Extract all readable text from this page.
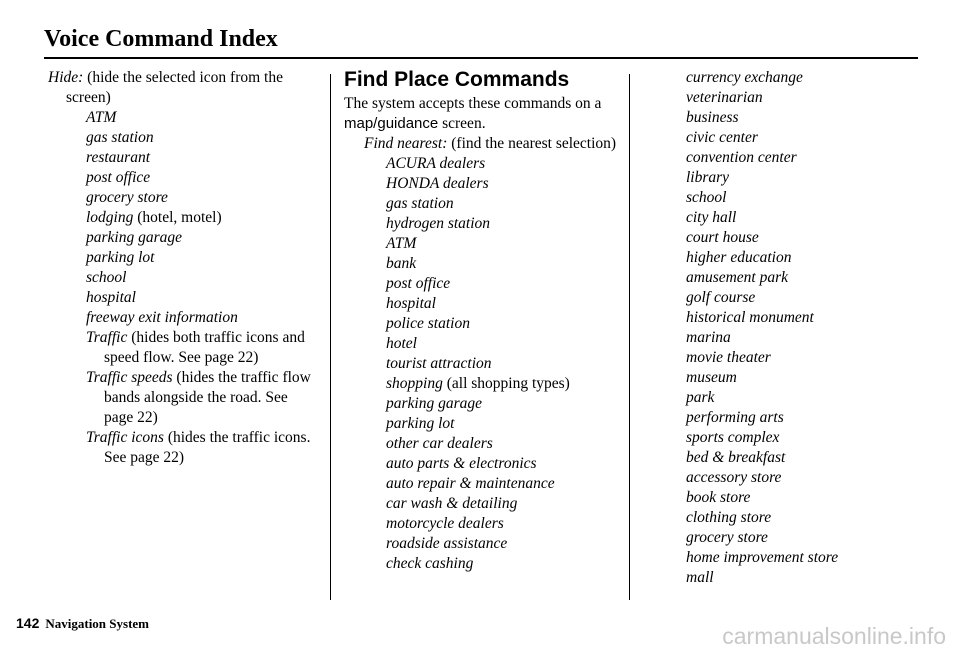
Voice Command Index
Hide: (hide the selected icon from the screen)
ATM
gas station
restaurant
post office
grocery store
lodging (hotel, motel)
parking garage
parking lot
school
hospital
freeway exit information
Traffic (hides both traffic icons and speed flow. See page 22)
Traffic speeds (hides the traffic flow bands alongside the road. See page 22)
Traffic icons (hides the traffic icons. See page 22)
Find Place Commands
The system accepts these commands on a map/guidance screen.
Find nearest: (find the nearest selection)
ACURA dealers
HONDA dealers
gas station
hydrogen station
ATM
bank
post office
hospital
police station
hotel
tourist attraction
shopping (all shopping types)
parking garage
parking lot
other car dealers
auto parts & electronics
auto repair & maintenance
car wash & detailing
motorcycle dealers
roadside assistance
check cashing
currency exchange
veterinarian
business
civic center
convention center
library
school
city hall
court house
higher education
amusement park
golf course
historical monument
marina
movie theater
museum
park
performing arts
sports complex
bed & breakfast
accessory store
book store
clothing store
grocery store
home improvement store
mall
142 Navigation System	carmanualsonline.info
